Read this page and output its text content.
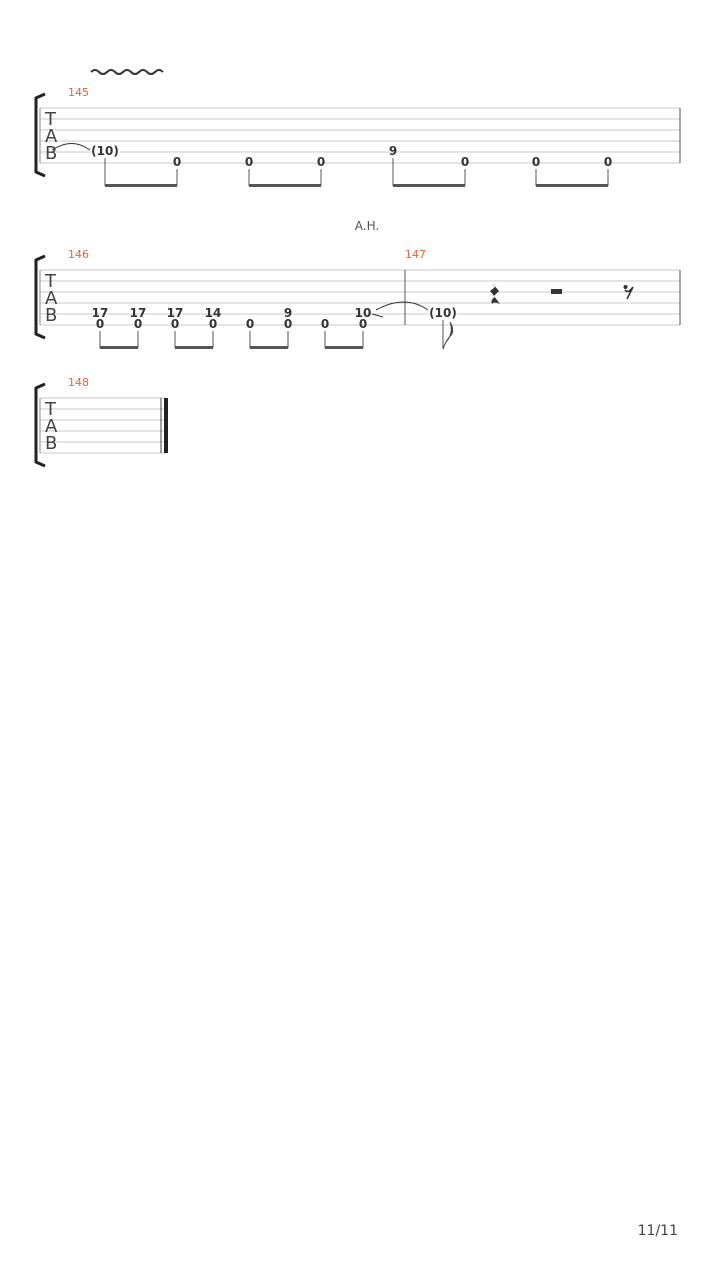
T
A
B
145
(10)
0	0	0
9
0	0	0
A.H.
T
A
B
146	147
17
0
17
0
17
0
14
0 0
9
0 0
10
0
(10)
T
A
B
148
11/11
